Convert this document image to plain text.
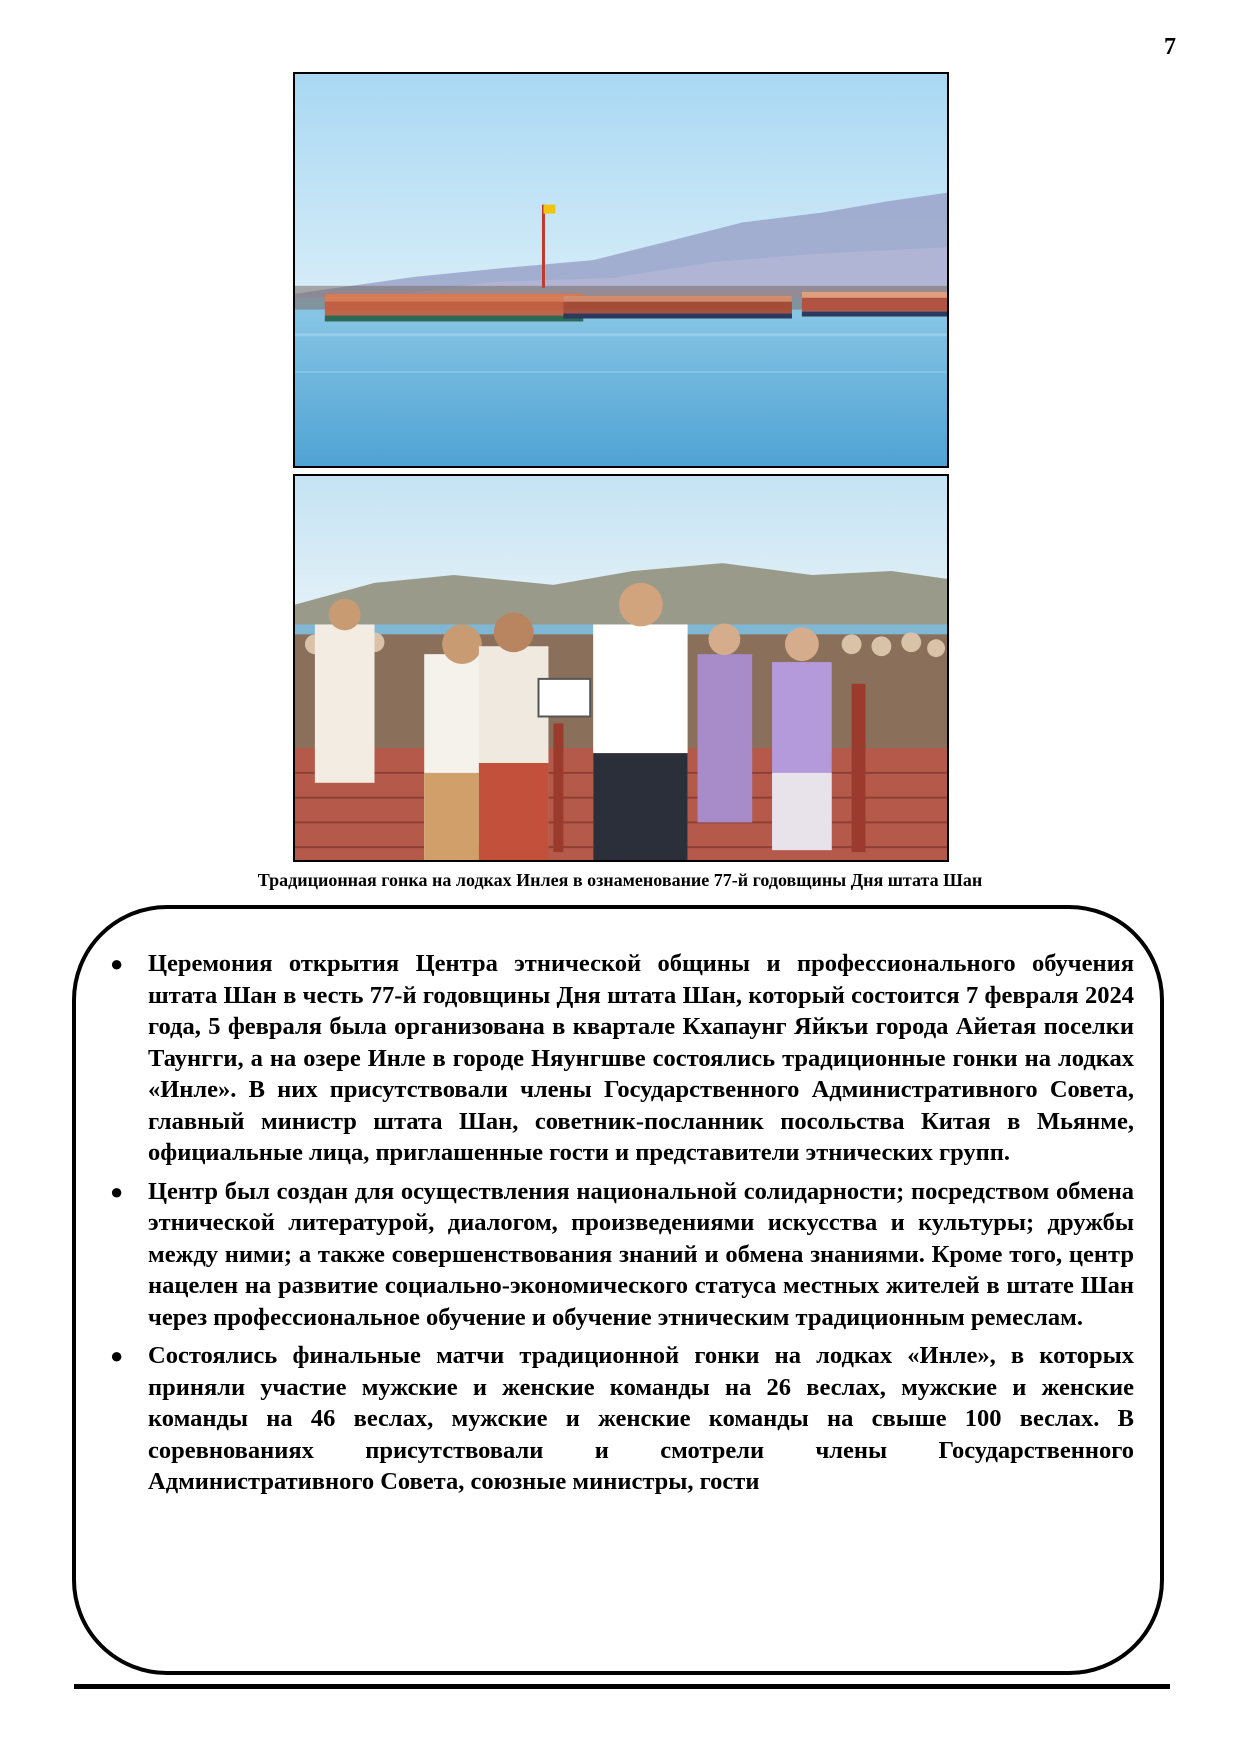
7
Традиционная гонка на лодках Инлея в ознаменование 77-й годовщины Дня штата Шан
● Церемония открытия Центра этнической общины и профессионального обучения штата Шан в честь 77-й годовщины Дня штата Шан, который состоится 7 февраля 2024 года, 5 февраля была организована в квартале Кхапаунг Яйкъи города Айетая поселки Таунгги, а на озере Инле в городе Няунгшве состоялись традиционные гонки на лодках «Инле». В них присутствовали члены Государственного Административного Совета, главный министр штата Шан, советник-посланник посольства Китая в Мьянме, официальные лица, приглашенные гости и представители этнических групп.
● Центр был создан для осуществления национальной солидарности; посредством обмена этнической литературой, диалогом, произведениями искусства и культуры; дружбы между ними; а также совершенствования знаний и обмена знаниями. Кроме того, центр нацелен на развитие социально-экономического статуса местных жителей в штате Шан через профессиональное обучение и обучение этническим традиционным ремеслам.
● Состоялись финальные матчи традиционной гонки на лодках «Инле», в которых приняли участие мужские и женские команды на 26 веслах, мужские и женские команды на 46 веслах, мужские и женские команды на свыше 100 веслах. В соревнованиях присутствовали и смотрели члены Государственного Административного Совета, союзные министры, гости
